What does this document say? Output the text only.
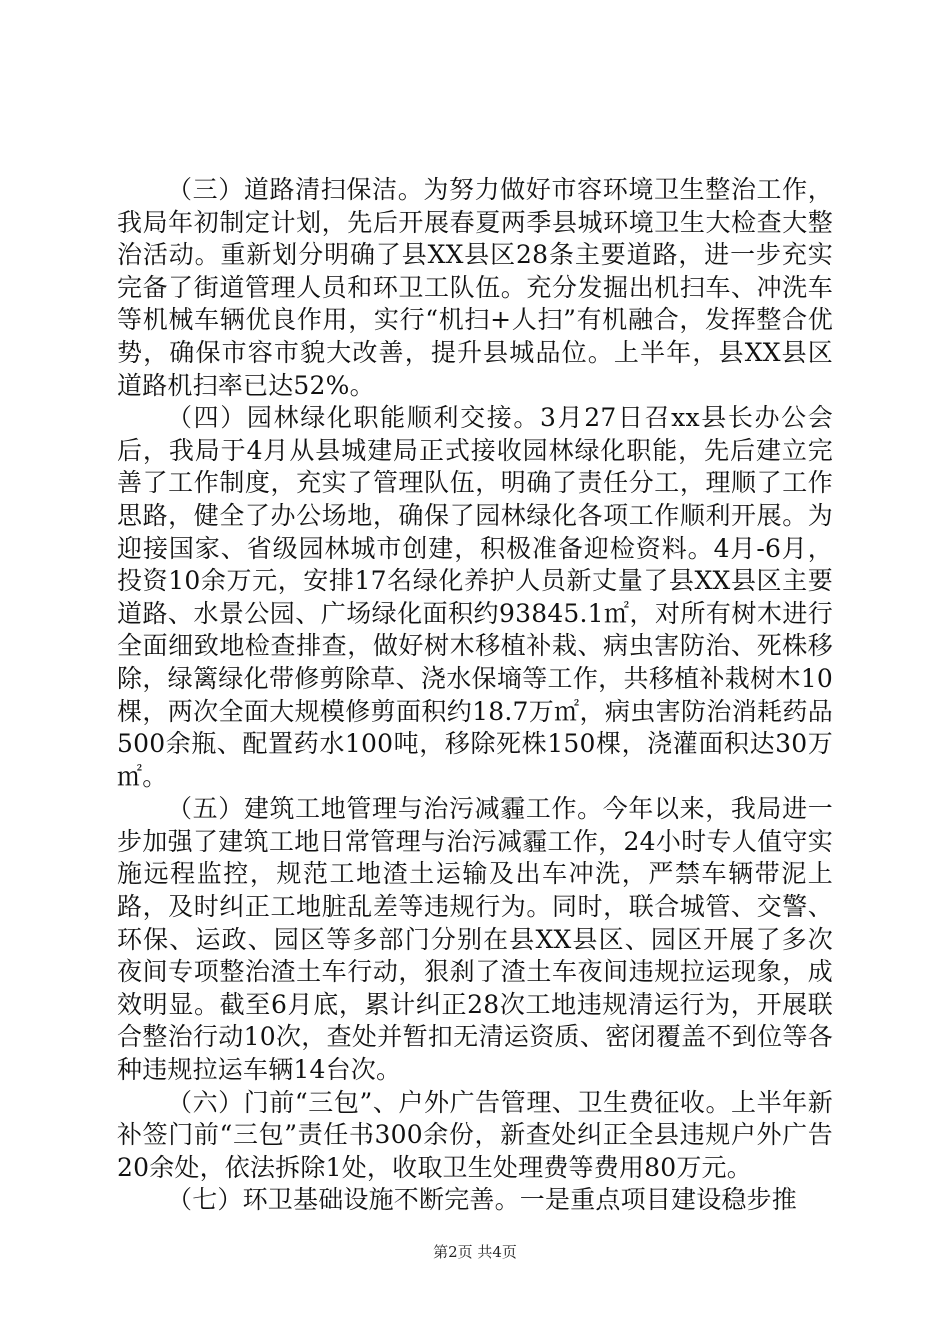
（三）道路清扫保洁。为努力做好市容环境卫生整治工作，我局年初制定计划，先后开展春夏两季县城环境卫生大检查大整治活动。重新划分明确了县XX县区28条主要道路，进一步充实完备了街道管理人员和环卫工队伍。充分发掘出机扫车、冲洗车等机械车辆优良作用，实行“机扫+人扫”有机融合，发挥整合优势，确保市容市貌大改善，提升县城品位。上半年，县XX县区道路机扫率已达52%。

（四）园林绿化职能顺利交接。3月27日召xx县长办公会后，我局于4月从县城建局正式接收园林绿化职能，先后建立完善了工作制度，充实了管理队伍，明确了责任分工，理顺了工作思路，健全了办公场地，确保了园林绿化各项工作顺利开展。为迎接国家、省级园林城市创建，积极准备迎检资料。4月-6月，投资10余万元，安排17名绿化养护人员新丈量了县XX县区主要道路、水景公园、广场绿化面积约93845.1㎡，对所有树木进行全面细致地检查排查，做好树木移植补栽、病虫害防治、死株移除，绿篱绿化带修剪除草、浇水保墒等工作，共移植补栽树木10棵，两次全面大规模修剪面积约18.7万㎡，病虫害防治消耗药品500余瓶、配置药水100吨，移除死株150棵，浇灌面积达30万㎡。

（五）建筑工地管理与治污减霾工作。今年以来，我局进一步加强了建筑工地日常管理与治污减霾工作，24小时专人值守实施远程监控，规范工地渣土运输及出车冲洗，严禁车辆带泥上路，及时纠正工地脏乱差等违规行为。同时，联合城管、交警、环保、运政、园区等多部门分别在县XX县区、园区开展了多次夜间专项整治渣土车行动，狠刹了渣土车夜间违规拉运现象，成效明显。截至6月底，累计纠正28次工地违规清运行为，开展联合整治行动10次，查处并暂扣无清运资质、密闭覆盖不到位等各种违规拉运车辆14台次。

（六）门前“三包”、户外广告管理、卫生费征收。上半年新补签门前“三包”责任书300余份，新查处纠正全县违规户外广告20余处，依法拆除1处，收取卫生处理费等费用80万元。

（七）环卫基础设施不断完善。一是重点项目建设稳步推

第2页 共4页
